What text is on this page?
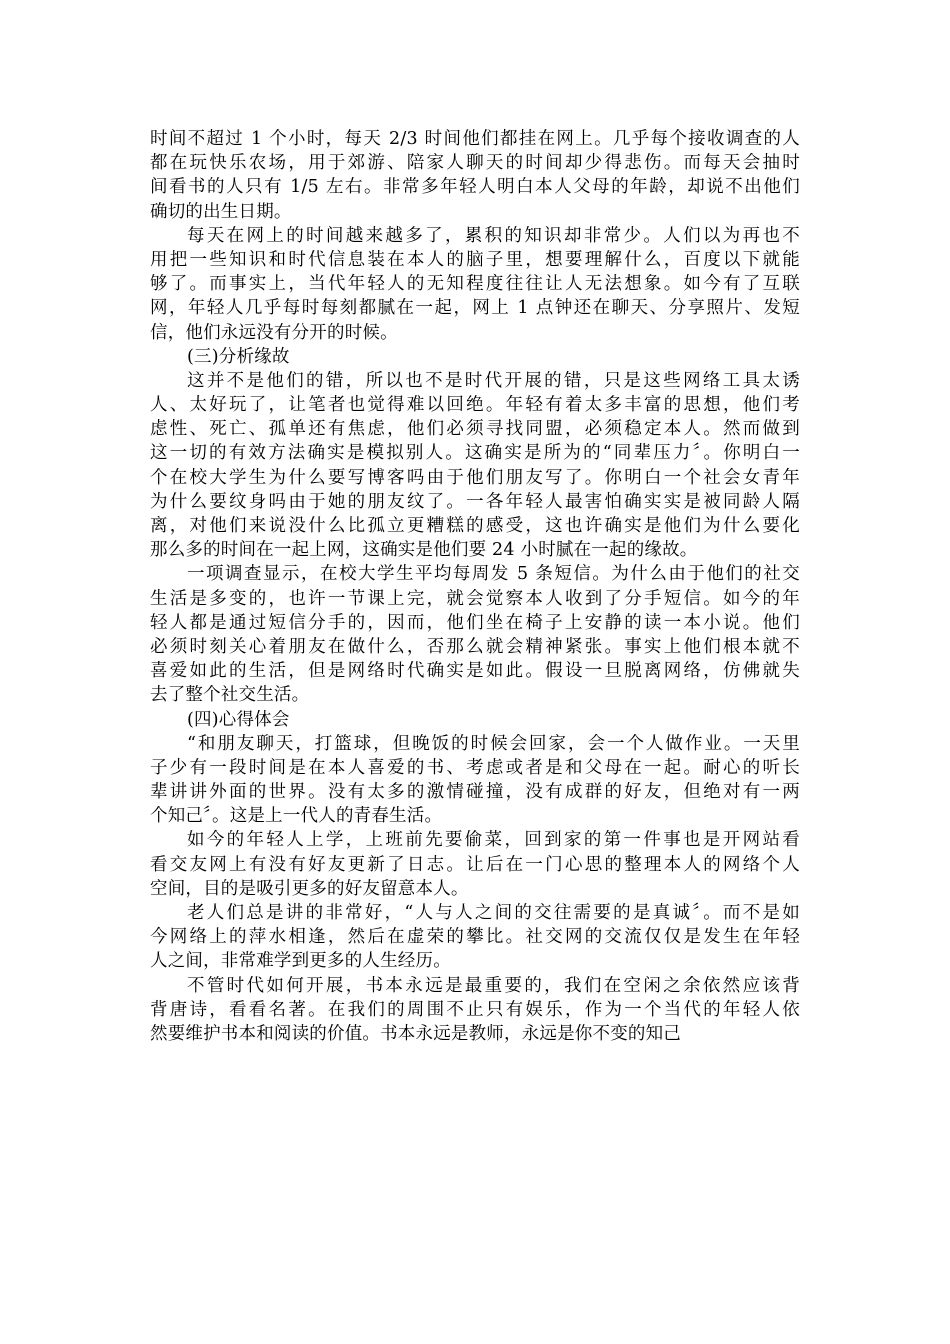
时间不超过 1 个小时，每天 2/3 时间他们都挂在网上。几乎每个接收调查的人
都在玩快乐农场，用于郊游、陪家人聊天的时间却少得悲伤。而每天会抽时
间看书的人只有 1/5 左右。非常多年轻人明白本人父母的年龄，却说不出他们
确切的出生日期。
每天在网上的时间越来越多了，累积的知识却非常少。人们以为再也不
用把一些知识和时代信息装在本人的脑子里，想要理解什么，百度以下就能
够了。而事实上，当代年轻人的无知程度往往让人无法想象。如今有了互联
网，年轻人几乎每时每刻都腻在一起，网上 1 点钟还在聊天、分享照片、发短
信，他们永远没有分开的时候。
(三)分析缘故
这并不是他们的错，所以也不是时代开展的错，只是这些网络工具太诱
人、太好玩了，让笔者也觉得难以回绝。年轻有着太多丰富的思想，他们考
虑性、死亡、孤单还有焦虑，他们必须寻找同盟，必须稳定本人。然而做到
这一切的有效方法确实是模拟别人。这确实是所为的“同辈压力〞。你明白一
个在校大学生为什么要写博客吗由于他们朋友写了。你明白一个社会女青年
为什么要纹身吗由于她的朋友纹了。一各年轻人最害怕确实实是被同龄人隔
离，对他们来说没什么比孤立更糟糕的感受，这也许确实是他们为什么要化
那么多的时间在一起上网，这确实是他们要 24 小时腻在一起的缘故。
一项调查显示，在校大学生平均每周发 5 条短信。为什么由于他们的社交
生活是多变的，也许一节课上完，就会觉察本人收到了分手短信。如今的年
轻人都是通过短信分手的，因而，他们坐在椅子上安静的读一本小说。他们
必须时刻关心着朋友在做什么，否那么就会精神紧张。事实上他们根本就不
喜爱如此的生活，但是网络时代确实是如此。假设一旦脱离网络，仿佛就失
去了整个社交生活。
(四)心得体会
“和朋友聊天，打篮球，但晚饭的时候会回家，会一个人做作业。一天里
子少有一段时间是在本人喜爱的书、考虑或者是和父母在一起。耐心的听长
辈讲讲外面的世界。没有太多的激情碰撞，没有成群的好友，但绝对有一两
个知己〞。这是上一代人的青春生活。
如今的年轻人上学，上班前先要偷菜，回到家的第一件事也是开网站看
看交友网上有没有好友更新了日志。让后在一门心思的整理本人的网络个人
空间，目的是吸引更多的好友留意本人。
老人们总是讲的非常好，“人与人之间的交往需要的是真诚〞。而不是如
今网络上的萍水相逢，然后在虚荣的攀比。社交网的交流仅仅是发生在年轻
人之间，非常难学到更多的人生经历。
不管时代如何开展，书本永远是最重要的，我们在空闲之余依然应该背
背唐诗，看看名著。在我们的周围不止只有娱乐，作为一个当代的年轻人依
然要维护书本和阅读的价值。书本永远是教师，永远是你不变的知己
